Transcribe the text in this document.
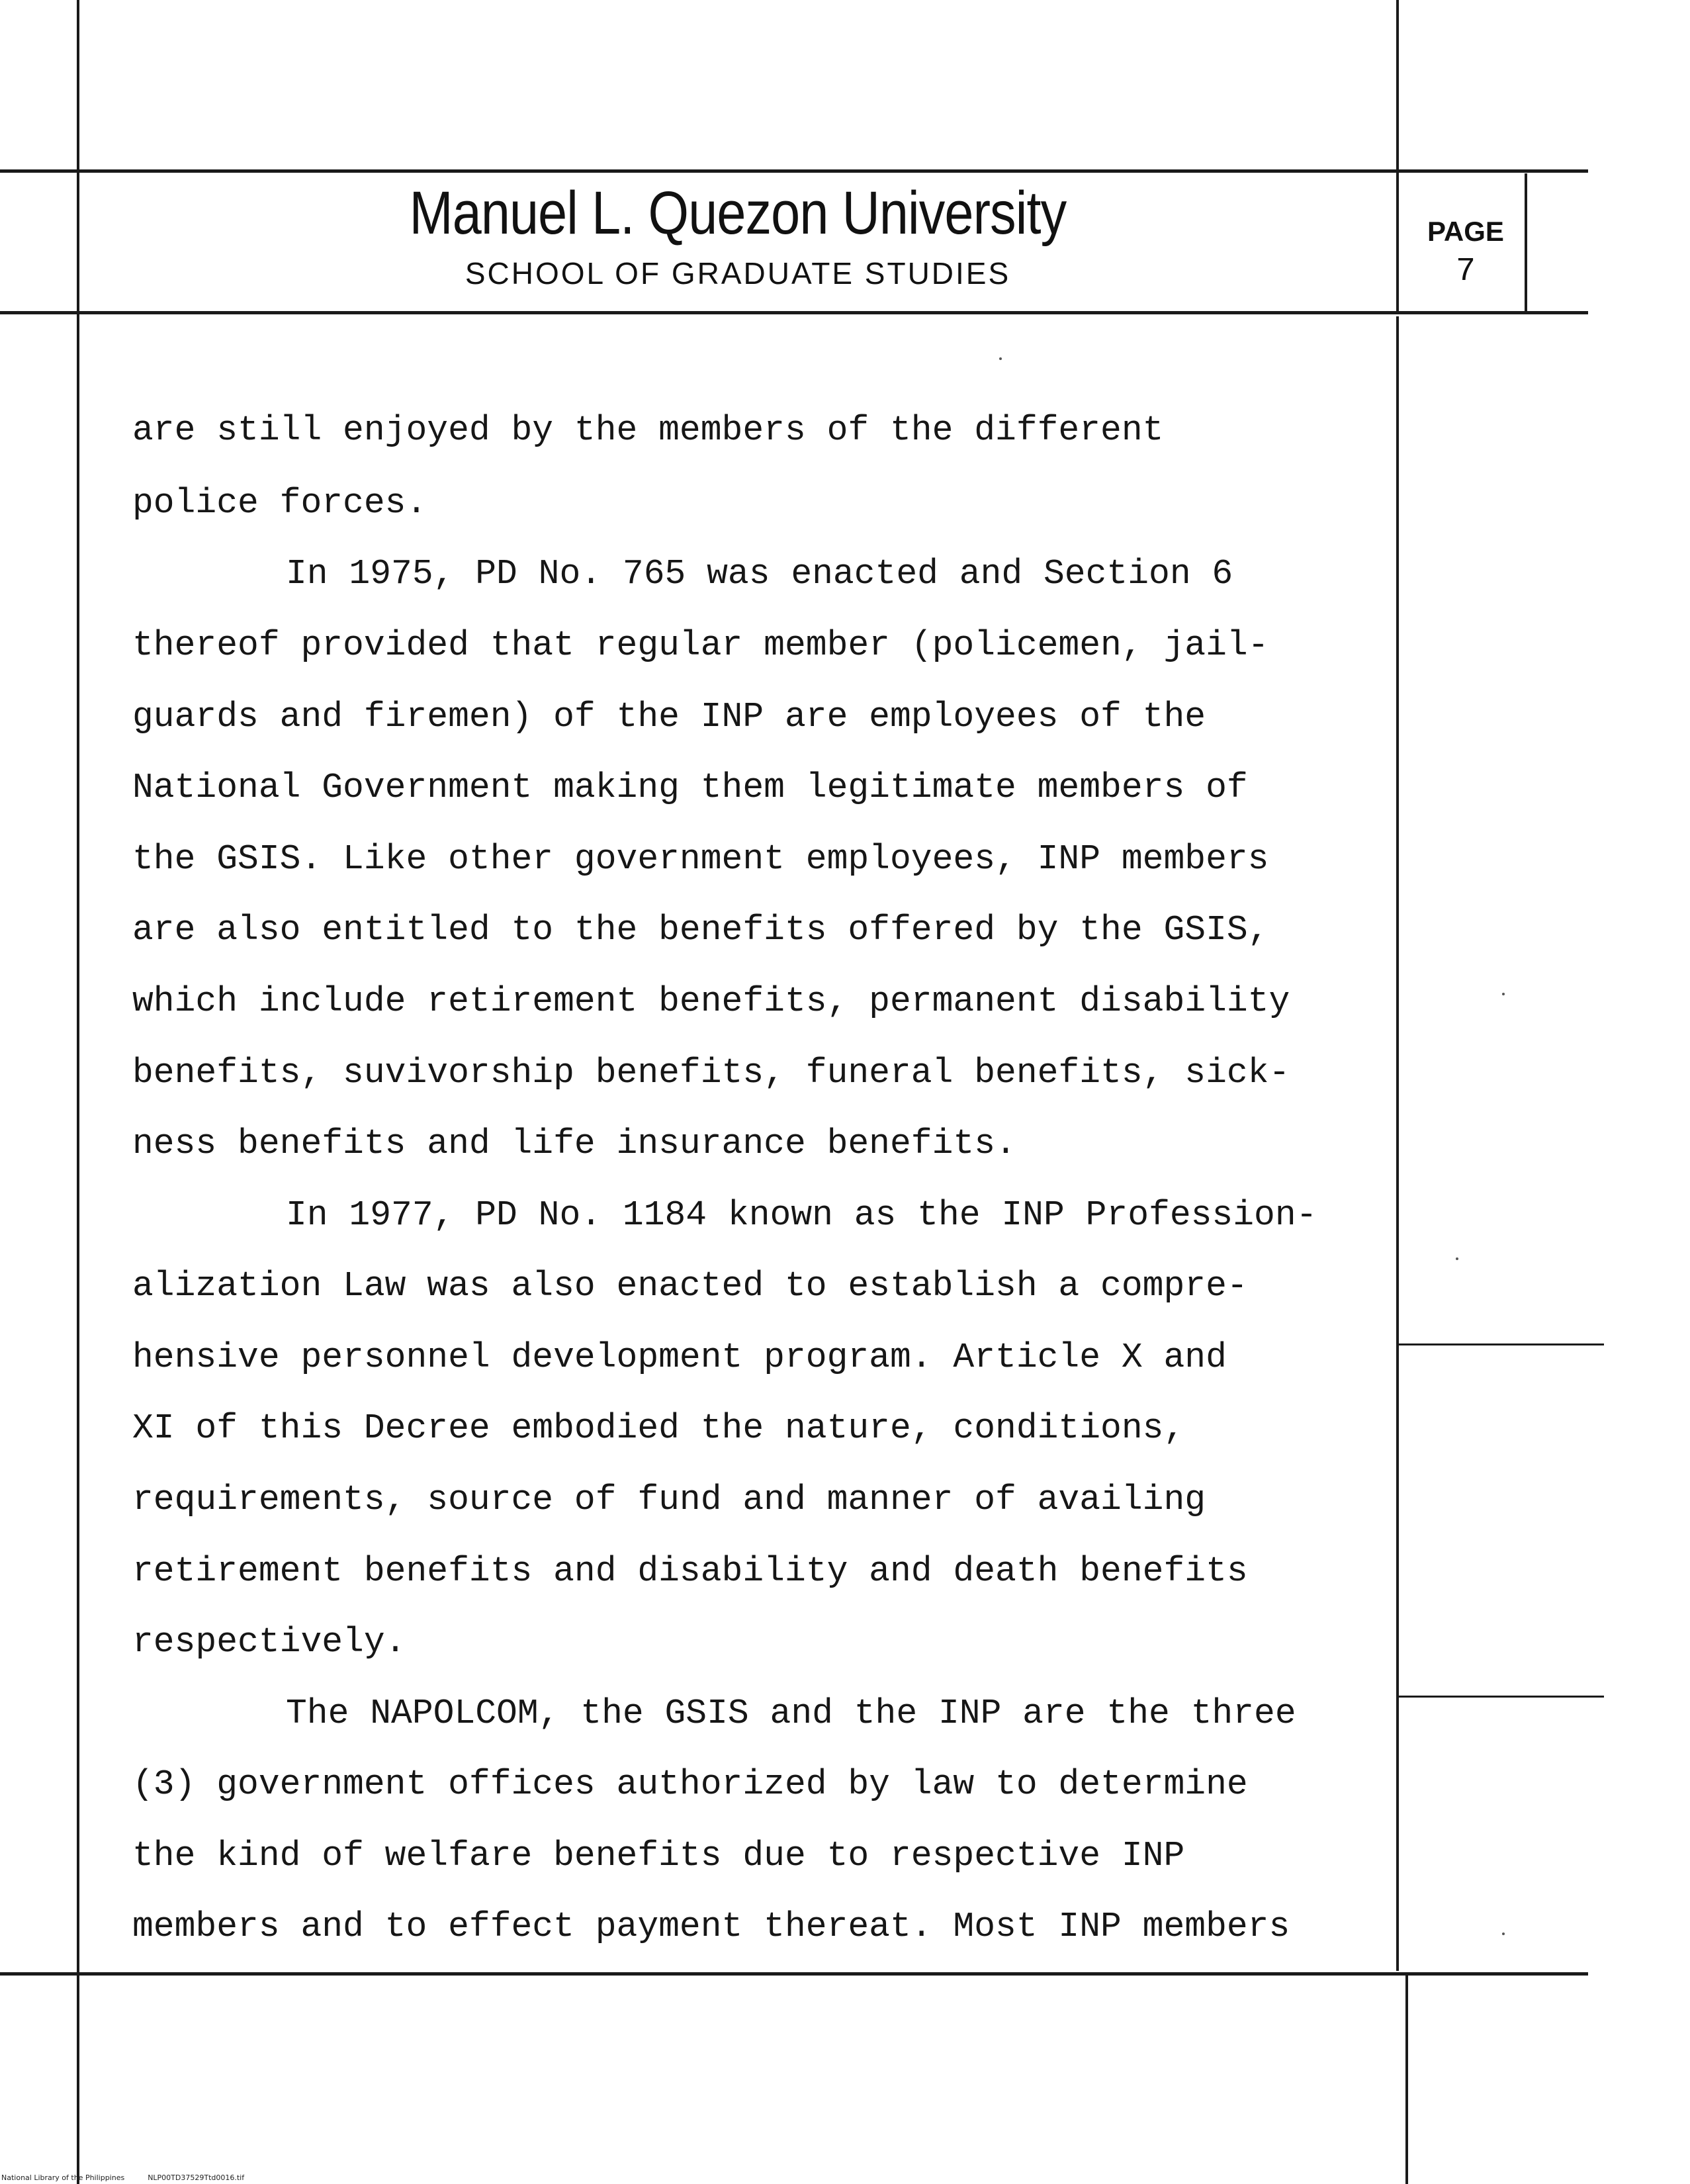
Manuel L. Quezon University
SCHOOL OF GRADUATE STUDIES
PAGE
7
are still enjoyed by the members of the different
police forces.
In 1975, PD No. 765 was enacted and Section 6
thereof provided that regular member (policemen, jail-
guards and firemen) of the INP are employees of the
National Government making them legitimate members of
the GSIS. Like other government employees, INP members
are also entitled to the benefits offered by the GSIS,
which include retirement benefits, permanent disability
benefits, suvivorship benefits, funeral benefits, sick-
ness benefits and life insurance benefits.
In 1977, PD No. 1184 known as the INP Profession-
alization Law was also enacted to establish a compre-
hensive personnel development program. Article X and
XI of this Decree embodied the nature, conditions,
requirements, source of fund and manner of availing
retirement benefits and disability and death benefits
respectively.
The NAPOLCOM, the GSIS and the INP are the three
(3) government offices authorized by law to determine
the kind of welfare benefits due to respective INP
members and to effect payment thereat. Most INP members
National Library of the Philippines	NLP00TD37529Ttd0016.tif
